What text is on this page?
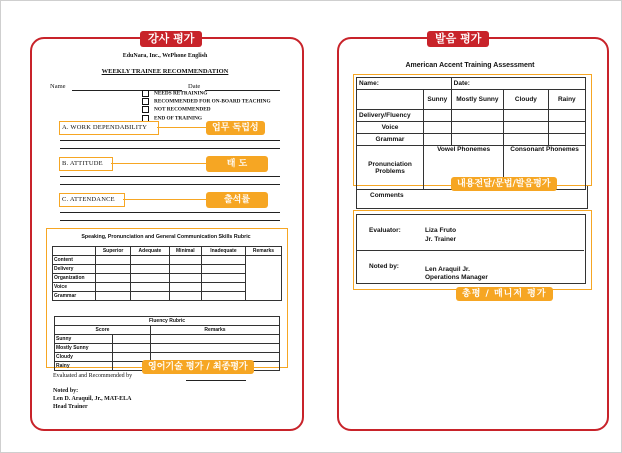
강사 평가
EduNara, Inc., WePhone English
WEEKLY TRAINEE RECOMMENDATION
Name	Date
NEEDS RETRAINING
RECOMMENDED FOR ON-BOARD TEACHING
NOT RECOMMENDED
END OF TRAINING
A. WORK DEPENDABILITY	업무 독립성
B. ATTITUDE	태 도
C. ATTENDANCE	출석률
Speaking, Pronunciation and General Communication Skills Rubric
	Superior	Adequate	Minimal	Inadequate	Remarks
Content					
Delivery					
Organization					
Voice					
Grammar					
Fluency Rubric		
Score		Remarks
Sunny		
Mostly Sunny		
Cloudy		
Rainy			영어기술 평가 / 최종평가
Evaluated and Recommended by
Noted by:
Len D. Araquil, Jr., MAT-ELA
Head Trainer
발음 평가
American Accent Training Assessment
Name:		Date:		
	Sunny	Mostly Sunny	Cloudy	Rainy
Delivery/Fluency				
Voice				
Grammar				
Pronunciation Problems	Vowel Phonemes		Consonant Phonemes	
내용전달/문법/발음평가
Comments
Evaluator:	Liza Fruto
Jr. Trainer
Noted by:	Len Araquil Jr.
Operations Manager
총평 / 매니저 평가
